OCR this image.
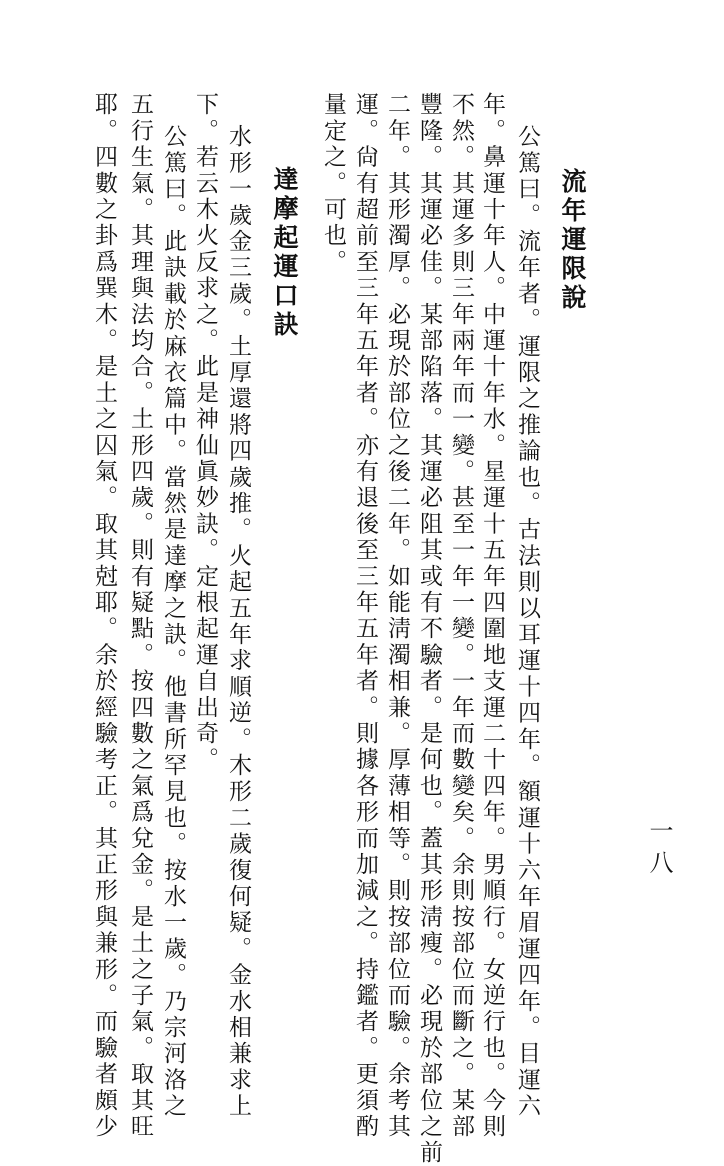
一八
流年運限說
公篤曰。流年者。運限之推論也。古法則以耳運十四年。額運十六年眉運四年。目運六
年。鼻運十年人。中運十年水。星運十五年四圍地支運二十四年。男順行。女逆行也。今則
不然。其運多則三年兩年而一變。甚至一年一變。一年而數變矣。余則按部位而斷之。某部
豐隆。其運必佳。某部陷落。其運必阻其或有不驗者。是何也。蓋其形淸瘦。必現於部位之前
二年。其形濁厚。必現於部位之後二年。如能淸濁相兼。厚薄相等。則按部位而驗。余考其
運。尙有超前至三年五年者。亦有退後至三年五年者。則據各形而加減之。持鑑者。更須酌
量定之。可也。
達摩起運口訣
水形一歲金三歲。土厚還將四歲推。火起五年求順逆。木形二歲復何疑。金水相兼求上
下。若云木火反求之。此是神仙眞妙訣。定根起運自出奇。
公篤曰。此訣載於麻衣篇中。當然是達摩之訣。他書所罕見也。按水一歲。乃宗河洛之
五行生氣。其理與法均合。土形四歲。則有疑點。按四數之氣爲兌金。是土之子氣。取其旺
耶。四數之卦爲巽木。是土之囚氣。取其尅耶。余於經驗考正。其正形與兼形。而驗者頗少
